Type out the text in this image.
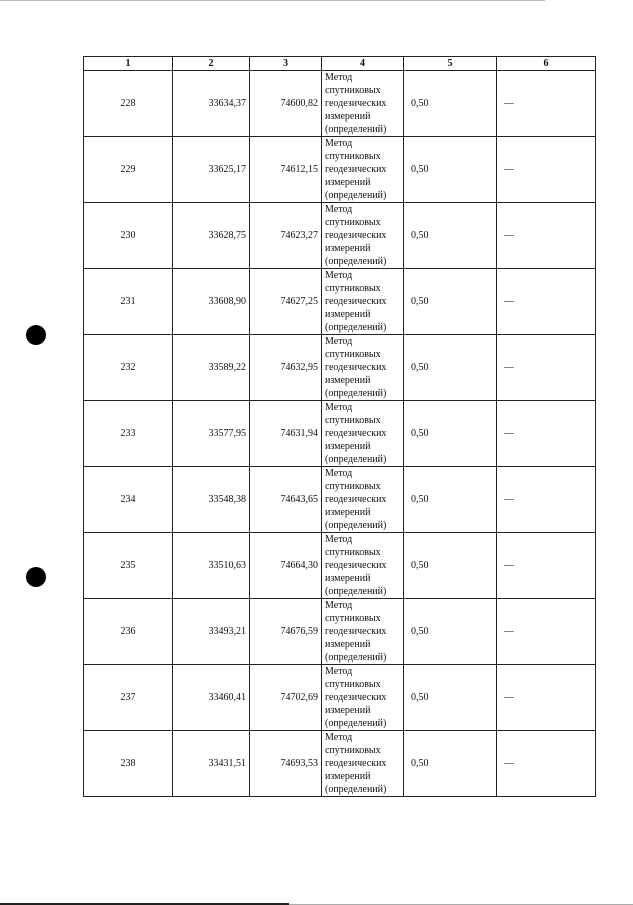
1	2	3	4	5	6
228	33634,37	74600,82	Метод
спутниковых
геодезических
измерений
(определений)	0,50	—
229	33625,17	74612,15	Метод
спутниковых
геодезических
измерений
(определений)	0,50	—
230	33628,75	74623,27	Метод
спутниковых
геодезических
измерений
(определений)	0,50	—
231	33608,90	74627,25	Метод
спутниковых
геодезических
измерений
(определений)	0,50	—
232	33589,22	74632,95	Метод
спутниковых
геодезических
измерений
(определений)	0,50	—
233	33577,95	74631,94	Метод
спутниковых
геодезических
измерений
(определений)	0,50	—
234	33548,38	74643,65	Метод
спутниковых
геодезических
измерений
(определений)	0,50	—
235	33510,63	74664,30	Метод
спутниковых
геодезических
измерений
(определений)	0,50	—
236	33493,21	74676,59	Метод
спутниковых
геодезических
измерений
(определений)	0,50	—
237	33460,41	74702,69	Метод
спутниковых
геодезических
измерений
(определений)	0,50	—
238	33431,51	74693,53	Метод
спутниковых
геодезических
измерений
(определений)	0,50	—
